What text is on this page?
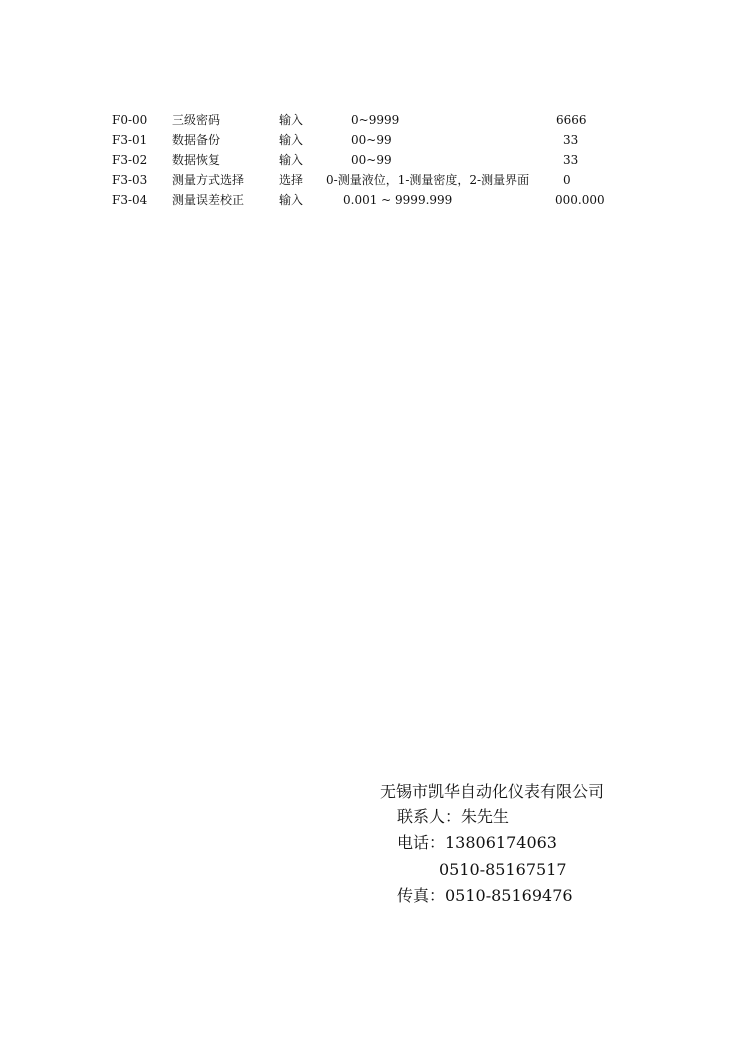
F0-00 三级密码	输入	0~9999	6666
F3-01 数据备份	输入	00~99	33
F3-02 数据恢复	输入	00~99	33
F3-03 测量方式选择	选择 0-测量液位，1-测量密度，2-测量界面	0
F3-04 测量误差校正	输入	0.001 ~ 9999.999	000.000
无锡市凯华自动化仪表有限公司
联系人：朱先生
电话：13806174063
0510-85167517
传真：0510-85169476
